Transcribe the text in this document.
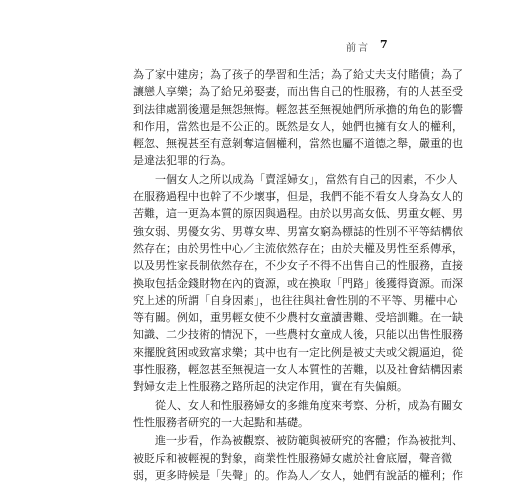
前言 7
為了家中建房；為了孩子的學習和生活；為了給丈夫支付賭債；為了
讓戀人享樂；為了給兄弟娶妻，而出售自己的性服務，有的人甚至受
到法律處罰後還是無怨無悔。輕忽甚至無視她們所承擔的角色的影響
和作用，當然也是不公正的。既然是女人，她們也擁有女人的權利，
輕忽、無視甚至有意剝奪這個權利，當然也屬不道德之舉，嚴重的也
是違法犯罪的行為。
一個女人之所以成為「賣淫婦女」，當然有自己的因素，不少人
在服務過程中也幹了不少壞事，但是，我們不能不看女人身為女人的
苦難，這一更為本質的原因與過程。由於以男高女低、男重女輕、男
強女弱、男優女劣、男尊女卑、男富女窮為標誌的性別不平等結構依
然存在；由於男性中心／主流依然存在；由於夫權及男性至系傳承，
以及男性家長制依然存在，不少女子不得不出售自己的性服務，直接
換取包括金錢財物在內的資源，或在換取「門路」後獲得資源。而深
究上述的所謂「自身因素」，也往往與社會性別的不平等、男權中心
等有關。例如，重男輕女使不少農村女童讀書難、受培訓難。在一缺
知識、二少技術的情況下，一些農村女童成人後，只能以出售性服務
來擺脫貧困或致富求樂；其中也有一定比例是被丈夫或父親逼迫，從
事性服務，輕忽甚至無視這一女人本質性的苦難，以及社會結構因素
對婦女走上性服務之路所起的決定作用，實在有失偏頗。
從人、女人和性服務婦女的多維角度來考察、分析，成為有關女
性性服務者研究的一大起點和基礎。
進一步看，作為被觀察、被防範與被研究的客體；作為被批判、
被貶斥和被輕視的對象，商業性性服務婦女處於社會底層，聲音微
弱，更多時候是「失聲」的。作為人／女人，她們有說話的權利；作
